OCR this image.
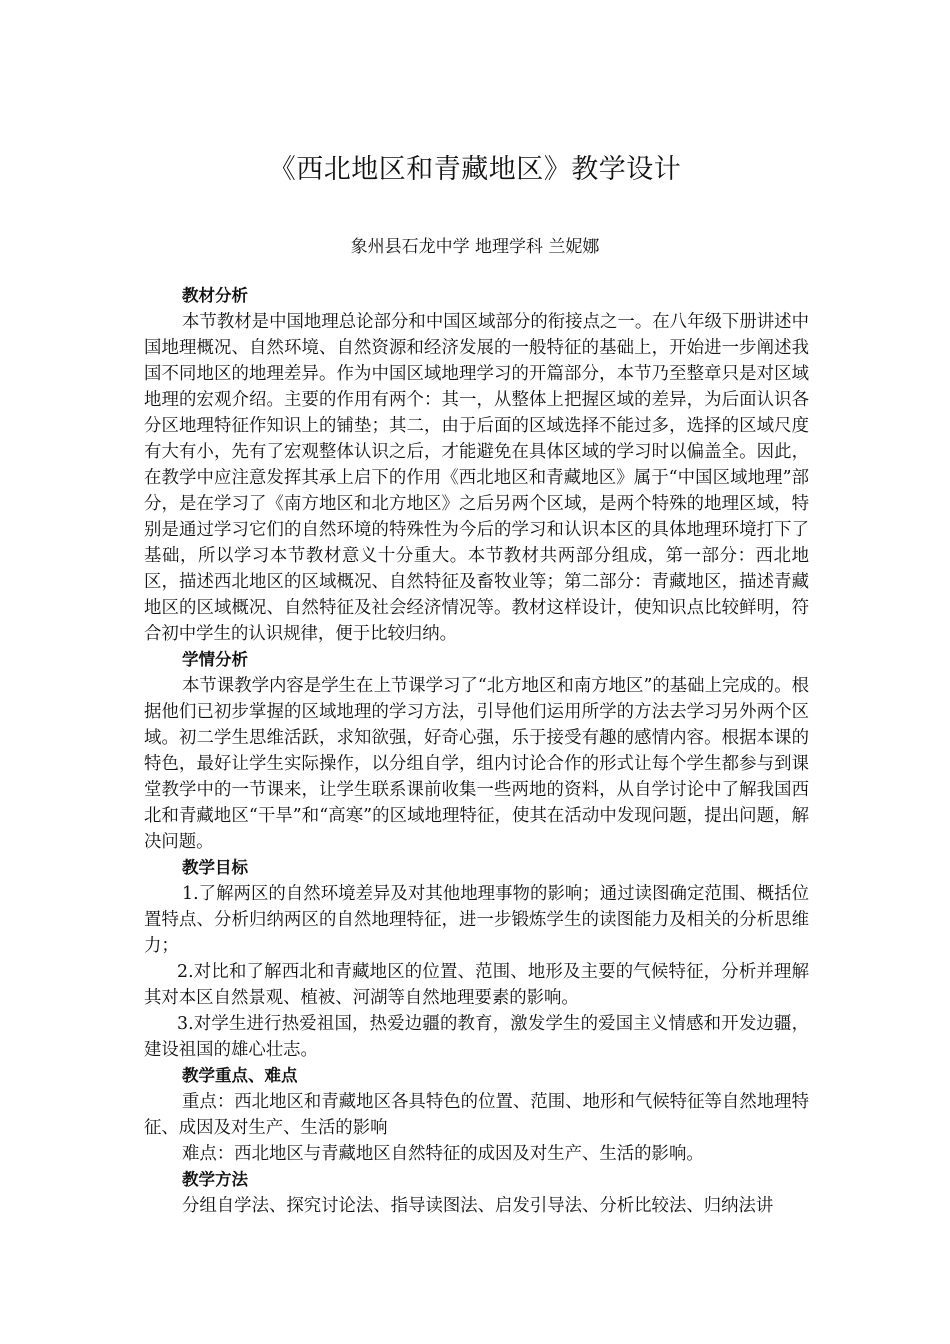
《西北地区和青藏地区》教学设计
象州县石龙中学 地理学科 兰妮娜

教材分析

本节教材是中国地理总论部分和中国区域部分的衔接点之一。在八年级下册讲述中国地理概况、自然环境、自然资源和经济发展的一般特征的基础上，开始进一步阐述我国不同地区的地理差异。作为中国区域地理学习的开篇部分，本节乃至整章只是对区域地理的宏观介绍。主要的作用有两个：其一，从整体上把握区域的差异，为后面认识各分区地理特征作知识上的铺垫；其二，由于后面的区域选择不能过多，选择的区域尺度有大有小，先有了宏观整体认识之后，才能避免在具体区域的学习时以偏盖全。因此，在教学中应注意发挥其承上启下的作用《西北地区和青藏地区》属于“中国区域地理”部分，是在学习了《南方地区和北方地区》之后另两个区域，是两个特殊的地理区域，特别是通过学习它们的自然环境的特殊性为今后的学习和认识本区的具体地理环境打下了基础，所以学习本节教材意义十分重大。本节教材共两部分组成，第一部分：西北地区，描述西北地区的区域概况、自然特征及畜牧业等；第二部分：青藏地区，描述青藏地区的区域概况、自然特征及社会经济情况等。教材这样设计，使知识点比较鲜明，符合初中学生的认识规律，便于比较归纳。

学情分析

本节课教学内容是学生在上节课学习了“北方地区和南方地区”的基础上完成的。根据他们已初步掌握的区域地理的学习方法，引导他们运用所学的方法去学习另外两个区域。初二学生思维活跃，求知欲强，好奇心强，乐于接受有趣的感情内容。根据本课的特色，最好让学生实际操作，以分组自学，组内讨论合作的形式让每个学生都参与到课堂教学中的一节课来，让学生联系课前收集一些两地的资料，从自学讨论中了解我国西北和青藏地区“干旱”和“高寒”的区域地理特征，使其在活动中发现问题，提出问题，解决问题。

教学目标

1.了解两区的自然环境差异及对其他地理事物的影响；通过读图确定范围、概括位置特点、分析归纳两区的自然地理特征，进一步锻炼学生的读图能力及相关的分析思维力；

2.对比和了解西北和青藏地区的位置、范围、地形及主要的气候特征，分析并理解其对本区自然景观、植被、河湖等自然地理要素的影响。

3.对学生进行热爱祖国，热爱边疆的教育，激发学生的爱国主义情感和开发边疆，建设祖国的雄心壮志。

教学重点、难点

重点：西北地区和青藏地区各具特色的位置、范围、地形和气候特征等自然地理特征、成因及对生产、生活的影响

难点：西北地区与青藏地区自然特征的成因及对生产、生活的影响。

教学方法

分组自学法、探究讨论法、指导读图法、启发引导法、分析比较法、归纳法讲
